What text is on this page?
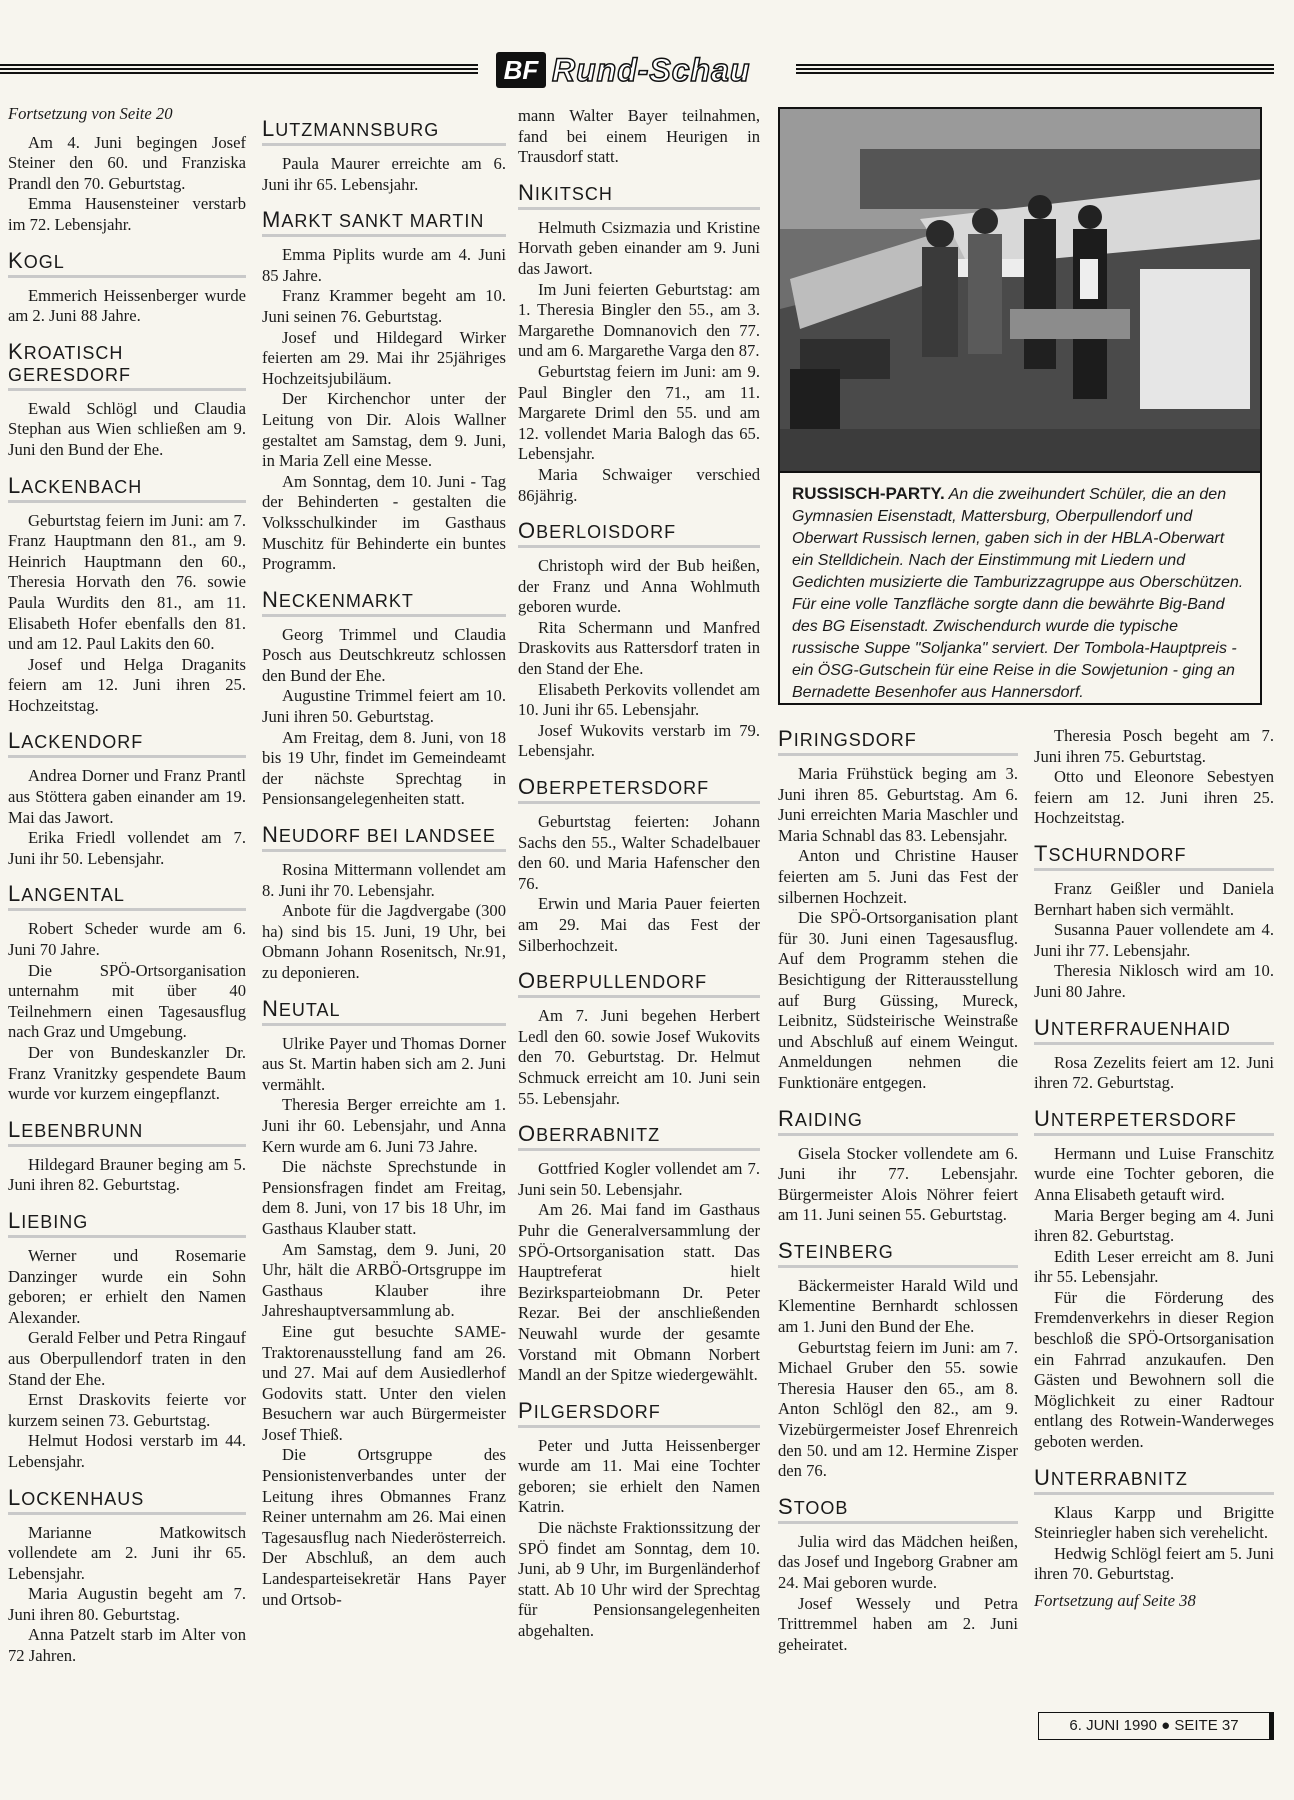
BF Rund-Schau

Fortsetzung von Seite 20

Am 4. Juni begingen Josef Steiner den 60. und Franziska Prandl den 70. Geburtstag.

Emma Hausensteiner verstarb im 72. Lebensjahr.

KOGL

Emmerich Heissenberger wurde am 2. Juni 88 Jahre.

KROATISCH GERESDORF

Ewald Schlögl und Claudia Stephan aus Wien schließen am 9. Juni den Bund der Ehe.

LACKENBACH

Geburtstag feiern im Juni: am 7. Franz Hauptmann den 81., am 9. Heinrich Hauptmann den 60., Theresia Horvath den 76. sowie Paula Wurdits den 81., am 11. Elisabeth Hofer ebenfalls den 81. und am 12. Paul Lakits den 60.

Josef und Helga Draganits feiern am 12. Juni ihren 25. Hochzeitstag.

LACKENDORF

Andrea Dorner und Franz Prantl aus Stöttera gaben einander am 19. Mai das Jawort.

Erika Friedl vollendet am 7. Juni ihr 50. Lebensjahr.

LANGENTAL

Robert Scheder wurde am 6. Juni 70 Jahre.

Die SPÖ-Ortsorganisation unternahm mit über 40 Teilnehmern einen Tagesausflug nach Graz und Umgebung.

Der von Bundeskanzler Dr. Franz Vranitzky gespendete Baum wurde vor kurzem eingepflanzt.

LEBENBRUNN

Hildegard Brauner beging am 5. Juni ihren 82. Geburtstag.

LIEBING

Werner und Rosemarie Danzinger wurde ein Sohn geboren; er erhielt den Namen Alexander.

Gerald Felber und Petra Ringauf aus Oberpullendorf traten in den Stand der Ehe.

Ernst Draskovits feierte vor kurzem seinen 73. Geburtstag.

Helmut Hodosi verstarb im 44. Lebensjahr.

LOCKENHAUS

Marianne Matkowitsch vollendete am 2. Juni ihr 65. Lebensjahr.

Maria Augustin begeht am 7. Juni ihren 80. Geburtstag.

Anna Patzelt starb im Alter von 72 Jahren.

LUTZMANNSBURG

Paula Maurer erreichte am 6. Juni ihr 65. Lebensjahr.

MARKT SANKT MARTIN

Emma Piplits wurde am 4. Juni 85 Jahre.

Franz Krammer begeht am 10. Juni seinen 76. Geburtstag.

Josef und Hildegard Wirker feierten am 29. Mai ihr 25jähriges Hochzeitsjubiläum.

Der Kirchenchor unter der Leitung von Dir. Alois Wallner gestaltet am Samstag, dem 9. Juni, in Maria Zell eine Messe.

Am Sonntag, dem 10. Juni - Tag der Behinderten - gestalten die Volksschulkinder im Gasthaus Muschitz für Behinderte ein buntes Programm.

NECKENMARKT

Georg Trimmel und Claudia Posch aus Deutschkreutz schlossen den Bund der Ehe.

Augustine Trimmel feiert am 10. Juni ihren 50. Geburtstag.

Am Freitag, dem 8. Juni, von 18 bis 19 Uhr, findet im Gemeindeamt der nächste Sprechtag in Pensionsangelegenheiten statt.

NEUDORF BEI LANDSEE

Rosina Mittermann vollendet am 8. Juni ihr 70. Lebensjahr.

Anbote für die Jagdvergabe (300 ha) sind bis 15. Juni, 19 Uhr, bei Obmann Johann Rosenitsch, Nr.91, zu deponieren.

NEUTAL

Ulrike Payer und Thomas Dorner aus St. Martin haben sich am 2. Juni vermählt.

Theresia Berger erreichte am 1. Juni ihr 60. Lebensjahr, und Anna Kern wurde am 6. Juni 73 Jahre.

Die nächste Sprechstunde in Pensionsfragen findet am Freitag, dem 8. Juni, von 17 bis 18 Uhr, im Gasthaus Klauber statt.

Am Samstag, dem 9. Juni, 20 Uhr, hält die ARBÖ-Ortsgruppe im Gasthaus Klauber ihre Jahreshauptversammlung ab.

Eine gut besuchte SAME-Traktorenausstellung fand am 26. und 27. Mai auf dem Ausiedlerhof Godovits statt. Unter den vielen Besuchern war auch Bürgermeister Josef Thieß.

Die Ortsgruppe des Pensionistenverbandes unter der Leitung ihres Obmannes Franz Reiner unternahm am 26. Mai einen Tagesausflug nach Niederösterreich. Der Abschluß, an dem auch Landesparteisekretär Hans Payer und Ortsob-

mann Walter Bayer teilnahmen, fand bei einem Heurigen in Trausdorf statt.

NIKITSCH

Helmuth Csizmazia und Kristine Horvath geben einander am 9. Juni das Jawort.

Im Juni feierten Geburtstag: am 1. Theresia Bingler den 55., am 3. Margarethe Domnanovich den 77. und am 6. Margarethe Varga den 87.

Geburtstag feiern im Juni: am 9. Paul Bingler den 71., am 11. Margarete Driml den 55. und am 12. vollendet Maria Balogh das 65. Lebensjahr.

Maria Schwaiger verschied 86jährig.

OBERLOISDORF

Christoph wird der Bub heißen, der Franz und Anna Wohlmuth geboren wurde.

Rita Schermann und Manfred Draskovits aus Rattersdorf traten in den Stand der Ehe.

Elisabeth Perkovits vollendet am 10. Juni ihr 65. Lebensjahr.

Josef Wukovits verstarb im 79. Lebensjahr.

OBERPETERSDORF

Geburtstag feierten: Johann Sachs den 55., Walter Schadelbauer den 60. und Maria Hafenscher den 76.

Erwin und Maria Pauer feierten am 29. Mai das Fest der Silberhochzeit.

OBERPULLENDORF

Am 7. Juni begehen Herbert Ledl den 60. sowie Josef Wukovits den 70. Geburtstag. Dr. Helmut Schmuck erreicht am 10. Juni sein 55. Lebensjahr.

OBERRABNITZ

Gottfried Kogler vollendet am 7. Juni sein 50. Lebensjahr.

Am 26. Mai fand im Gasthaus Puhr die Generalversammlung der SPÖ-Ortsorganisation statt. Das Hauptreferat hielt Bezirksparteiobmann Dr. Peter Rezar. Bei der anschließenden Neuwahl wurde der gesamte Vorstand mit Obmann Norbert Mandl an der Spitze wiedergewählt.

PILGERSDORF

Peter und Jutta Heissenberger wurde am 11. Mai eine Tochter geboren; sie erhielt den Namen Katrin.

Die nächste Fraktionssitzung der SPÖ findet am Sonntag, dem 10. Juni, ab 9 Uhr, im Burgenländerhof statt. Ab 10 Uhr wird der Sprechtag für Pensionsangelegenheiten abgehalten.

RUSSISCH-PARTY. An die zweihundert Schüler, die an den Gymnasien Eisenstadt, Mattersburg, Oberpullendorf und Oberwart Russisch lernen, gaben sich in der HBLA-Oberwart ein Stelldichein. Nach der Einstimmung mit Liedern und Gedichten musizierte die Tamburizzagruppe aus Oberschützen. Für eine volle Tanzfläche sorgte dann die bewährte Big-Band des BG Eisenstadt. Zwischendurch wurde die typische russische Suppe "Soljanka" serviert. Der Tombola-Hauptpreis - ein ÖSG-Gutschein für eine Reise in die Sowjetunion - ging an Bernadette Besenhofer aus Hannersdorf.
PIRINGSDORF

Maria Frühstück beging am 3. Juni ihren 85. Geburtstag. Am 6. Juni erreichten Maria Maschler und Maria Schnabl das 83. Lebensjahr.

Anton und Christine Hauser feierten am 5. Juni das Fest der silbernen Hochzeit.

Die SPÖ-Ortsorganisation plant für 30. Juni einen Tagesausflug. Auf dem Programm stehen die Besichtigung der Ritterausstellung auf Burg Güssing, Mureck, Leibnitz, Südsteirische Weinstraße und Abschluß auf einem Weingut. Anmeldungen nehmen die Funktionäre entgegen.

RAIDING

Gisela Stocker vollendete am 6. Juni ihr 77. Lebensjahr. Bürgermeister Alois Nöhrer feiert am 11. Juni seinen 55. Geburtstag.

STEINBERG

Bäckermeister Harald Wild und Klementine Bernhardt schlossen am 1. Juni den Bund der Ehe.

Geburtstag feiern im Juni: am 7. Michael Gruber den 55. sowie Theresia Hauser den 65., am 8. Anton Schlögl den 82., am 9. Vizebürgermeister Josef Ehrenreich den 50. und am 12. Hermine Zisper den 76.

STOOB

Julia wird das Mädchen heißen, das Josef und Ingeborg Grabner am 24. Mai geboren wurde.

Josef Wessely und Petra Trittremmel haben am 2. Juni geheiratet.

Theresia Posch begeht am 7. Juni ihren 75. Geburtstag.

Otto und Eleonore Sebestyen feiern am 12. Juni ihren 25. Hochzeitstag.

TSCHURNDORF

Franz Geißler und Daniela Bernhart haben sich vermählt.

Susanna Pauer vollendete am 4. Juni ihr 77. Lebensjahr.

Theresia Niklosch wird am 10. Juni 80 Jahre.

UNTERFRAUENHAID

Rosa Zezelits feiert am 12. Juni ihren 72. Geburtstag.

UNTERPETERSDORF

Hermann und Luise Franschitz wurde eine Tochter geboren, die Anna Elisabeth getauft wird.

Maria Berger beging am 4. Juni ihren 82. Geburtstag.

Edith Leser erreicht am 8. Juni ihr 55. Lebensjahr.

Für die Förderung des Fremdenverkehrs in dieser Region beschloß die SPÖ-Ortsorganisation ein Fahrrad anzukaufen. Den Gästen und Bewohnern soll die Möglichkeit zu einer Radtour entlang des Rotwein-Wanderweges geboten werden.

UNTERRABNITZ

Klaus Karpp und Brigitte Steinriegler haben sich verehelicht.

Hedwig Schlögl feiert am 5. Juni ihren 70. Geburtstag.

Fortsetzung auf Seite 38

6. JUNI 1990 ● SEITE 37
